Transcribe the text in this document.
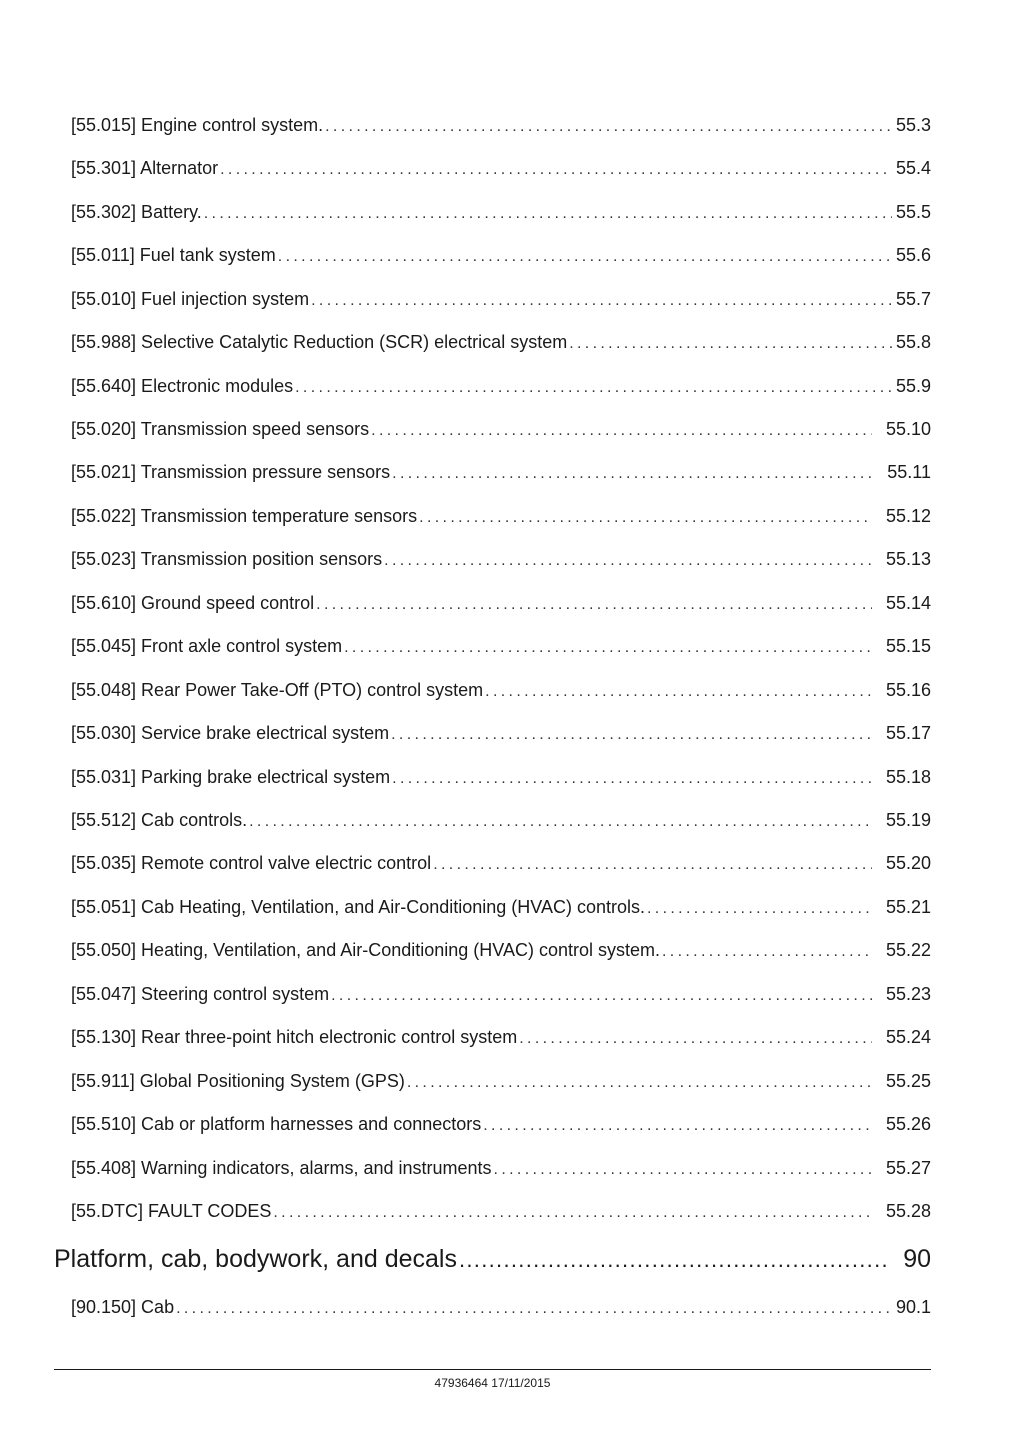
[55.015] Engine control system. .....	55.3
[55.301] Alternator .....	55.4
[55.302] Battery. .....	55.5
[55.011] Fuel tank system .....	55.6
[55.010] Fuel injection system .....	55.7
[55.988] Selective Catalytic Reduction (SCR) electrical system .....	55.8
[55.640] Electronic modules .....	55.9
[55.020] Transmission speed sensors .....	55.10
[55.021] Transmission pressure sensors .....	55.11
[55.022] Transmission temperature sensors .....	55.12
[55.023] Transmission position sensors .....	55.13
[55.610] Ground speed control .....	55.14
[55.045] Front axle control system .....	55.15
[55.048] Rear Power Take-Off (PTO) control system .....	55.16
[55.030] Service brake electrical system .....	55.17
[55.031] Parking brake electrical system .....	55.18
[55.512] Cab controls. .....	55.19
[55.035] Remote control valve electric control .....	55.20
[55.051] Cab Heating, Ventilation, and Air-Conditioning (HVAC) controls. .....	55.21
[55.050] Heating, Ventilation, and Air-Conditioning (HVAC) control system. .....	55.22
[55.047] Steering control system .....	55.23
[55.130] Rear three-point hitch electronic control system .....	55.24
[55.911] Global Positioning System (GPS) .....	55.25
[55.510] Cab or platform harnesses and connectors .....	55.26
[55.408] Warning indicators, alarms, and instruments .....	55.27
[55.DTC] FAULT CODES .....	55.28
Platform, cab, bodywork, and decals .....	90
[90.150] Cab .....	90.1
47936464 17/11/2015
